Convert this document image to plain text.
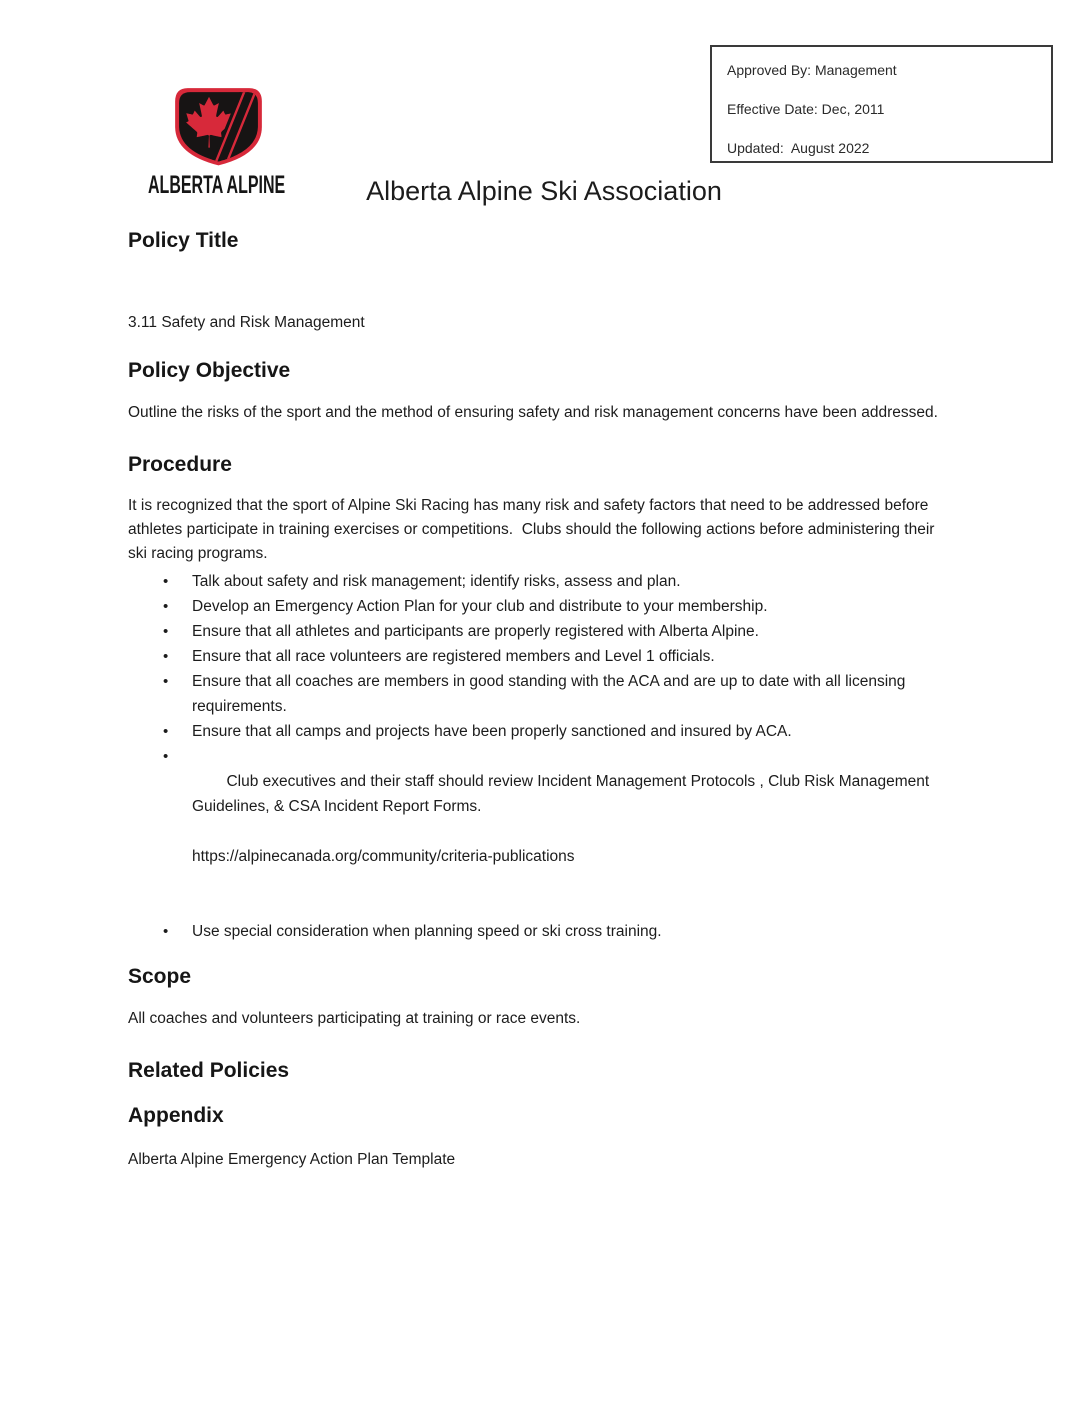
Approved By: Management
Effective Date: Dec, 2011
Updated:  August 2022
ALBERTA ALPINE	Alberta Alpine Ski Association
Policy Title

3.11 Safety and Risk Management

Policy Objective

Outline the risks of the sport and the method of ensuring safety and risk management concerns have been addressed.

Procedure

It is recognized that the sport of Alpine Ski Racing has many risk and safety factors that need to be addressed before athletes participate in training exercises or competitions.  Clubs should the following actions before administering their ski racing programs.

• Talk about safety and risk management; identify risks, assess and plan.
• Develop an Emergency Action Plan for your club and distribute to your membership.
• Ensure that all athletes and participants are properly registered with Alberta Alpine.
• Ensure that all race volunteers are registered members and Level 1 officials.
• Ensure that all coaches are members in good standing with the ACA and are up to date with all licensing requirements.
• Ensure that all camps and projects have been properly sanctioned and insured by ACA.

• Club executives and their staff should review Incident Management Protocols , Club Risk Management Guidelines, & CSA Incident Report Forms.

https://alpinecanada.org/community/criteria-publications

• Use special consideration when planning speed or ski cross training.
Scope

All coaches and volunteers participating at training or race events.

Related Policies
Appendix

Alberta Alpine Emergency Action Plan Template
